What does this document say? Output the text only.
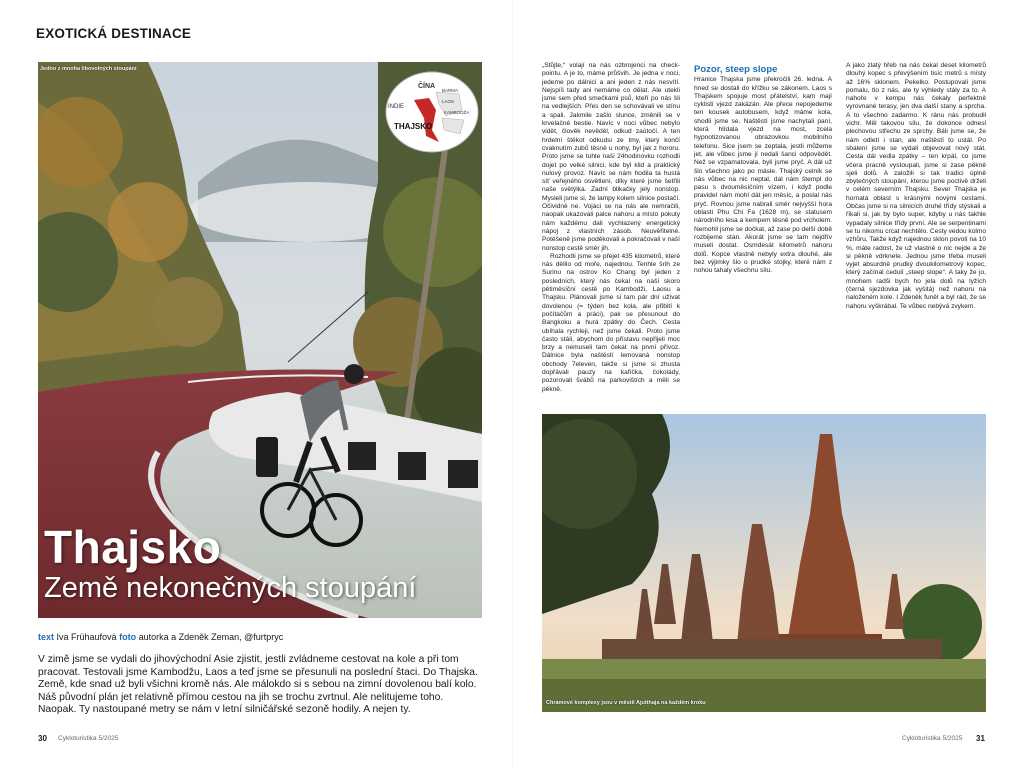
EXOTICKÁ DESTINACE
Jedno z mnoha libovolných stoupání
ČÍNA
BARMA
LAOS
INDIE
KAMBODŽA
THAJSKO
Thajsko
Země nekonečných stoupání
text Iva Frühaufová foto autorka a Zdeněk Zeman, @furtpryc
V zimě jsme se vydali do jihovýchodní Asie zjistit, jestli zvládneme cestovat na kole a při tom pracovat. Testovali jsme Kambodžu, Laos a teď jsme se přesunuli na poslední štaci. Do Thajska. Země, kde snad už byli všichni kromě nás. Ale málokdo si s sebou na zimní dovolenou balí kolo. Náš původní plán jet relativně přímou cestou na jih se trochu zvrtnul. Ale nelitujeme toho. Naopak. Ty nastoupané metry se nám v letní silničářské sezoně hodily. A nejen ty.
30 Cykloturistika 5/2025
„Stůjte,“ volají na nás ozbrojenci na check-pointu. A je to, máme průšvih. Je jedna v noci, jedeme po dálnici a ani jeden z nás nesvítí. Nejspíš tady ani nemáme co dělat. Ale utekli jsme sem před smečkami psů, kteří po nás šli na vedlejších. Přes den se schovávali ve stínu a spali. Jakmile zašlo slunce, změnili se v krvelačné bestie. Navíc v noci vůbec nebylo vidět, člověk nevěděl, odkud zaútočí. A ten hrdelní štěkot odkudsi ze tmy, který končí cvaknutím zubů těsně u nohy, byl jak z hororu. Proto jsme se tuhle naši 24hodinovku rozhodli dojet po velké silnici, kde byl klid a praktický nulový provoz. Navíc se nám hodila ta hustá síť veřejného osvětlení, díky které jsme šetřili naše světýlka. Zadní blikačky jely nonstop. Mysleli jsme si, že lampy kolem silnice postačí. Očividně ne. Vojáci se na nás ale nemračili, naopak ukazovali palce nahoru a místo pokuty nám každému dali vychlazený energetický nápoj z vlastních zásob. Neuvěřitelné. Potěšeně jsme poděkovali a pokračovali v naší nonstop cestě směr jih.
Rozhodli jsme se přejet 435 kilometrů, které nás dělilo od moře, najednou. Tenhle šrih ze Surinu na ostrov Ko Chang byl jeden z posledních, který nás čekal na naší skoro pětiměsíční cestě po Kambodži, Laosu a Thajsku. Plánovali jsme si tam pár dní užívat dovolenou (= týden bez kola, ale přibití k počítačům a práci), pak se přesunout do Bangkoku a hurá zpátky do Čech. Cesta ubíhala rychleji, než jsme čekali. Proto jsme často stáli, abychom do přístavu nepřijeli moc brzy a nemuseli tam čekat na první přívoz. Dálnice byla naštěstí lemovaná nonstop obchody 7eleven, takže si jsme si zhusta dopřávali pauzy na kafíčka, čokolády, pozorovali švábů na parkovištích a měli se pěkně.
Pozor, steep slope
Hranice Thajska jsme překročili 26. ledna. A hned se dostali do křížku se zákonem. Laos s Thajskem spojuje most přátelství, kam mají cyklisti vjezd zakázán. Ale přece nepojedeme ten kousek autobusem, když máme kola, shodli jsme se. Naštěstí jsme nachytali paní, která hlídala vjezd na most, zcela hypnotizovanou obrazovkou mobilního telefonu. Sice jsem se zeptala, jestli můžeme jet, ale vůbec jsme jí nedali šanci odpovědět. Než se vzpamatovala, byli jsme pryč. A dál už šlo všechno jako po másle. Thajský celník se nás vůbec na nic neptal, dal nám štempl do pasu s dvouměsíčním vízem, i když podle pravidel nám mohl dát jen měsíc, a poslal nás pryč. Rovnou jsme nabrali směr nejvyšší hora oblasti Phu Chi Fa (1628 m), se statusem národního lesa a kempem těsně pod vrcholem. Nemohli jsme se dočkat, až zase po delší době rozbijeme stan. Akorát jsme se tam nejdřív museli dostat. Osmdesát kilometrů nahoru dolů. Kopce vlastně nebyly extra dlouhé, ale bez výjimky šlo o prudké stojky, které nám z nohou tahaly všechnu sílu.
A jako zlatý hřeb na nás čekal deset kilometrů dlouhý kopec s převýšením tisíc metrů s místy až 16% sklonem. Pekelko. Postupovali jsme pomalu, tlo z nás, ale ty výhledy stály za to. A nahoře v kempu nás čekaly perfektně vyrovnané terasy, jen dva další stany a sprcha. A to všechno zadarmo. K ránu nás probudil vichr. Měl takovou sílu, že dokonce odnesl plechovou střechu ze sprchy. Báli jsme se, že nám odletí i stan, ale naštěstí to ustál. Po sbalení jsme se vydali objevovat nový stát. Cesta dál vedla zpátky – ten krpál, co jsme včera pracně vystoupali, jsme si zase pěkně sjeli dolů. A založili si tak tradici úplně zbytečných stoupání, kterou jsme poctivě drželi v celém severním Thajsku. Sever Thajska je hornatá oblast s krásnými novými cestami. Občas jsme si na silnicích druhé třídy stýskali a říkali si, jak by bylo super, kdyby u nás takhle vypadaly silnice třídy první. Ale se serpentinami se tu nikomu crcat nechtělo. Cesty vedou kolmo vzhůru. Takže když najednou sklon povolí na 10 %, máte radost, že už vlastně o nic nejde a že si pěkně vdrknete. Jednou jsme třeba museli vyjet absurdně prudký dvoukilometrový kopec, který začínal cedulí „steep slope“. A taky že jo, mnohem radši bych ho jela dolů na lyžích (černá sjezdovka jak vyšitá) než nahoru na naloženém kole. I Zdeněk funěl a byl rád, že se nahoru vyškrábal. Te vůbec nebývá zvykem.
Chrámové komplexy jsou v městě Ajutthaja na každém kroku
Cykloturistika 5/2025 31
